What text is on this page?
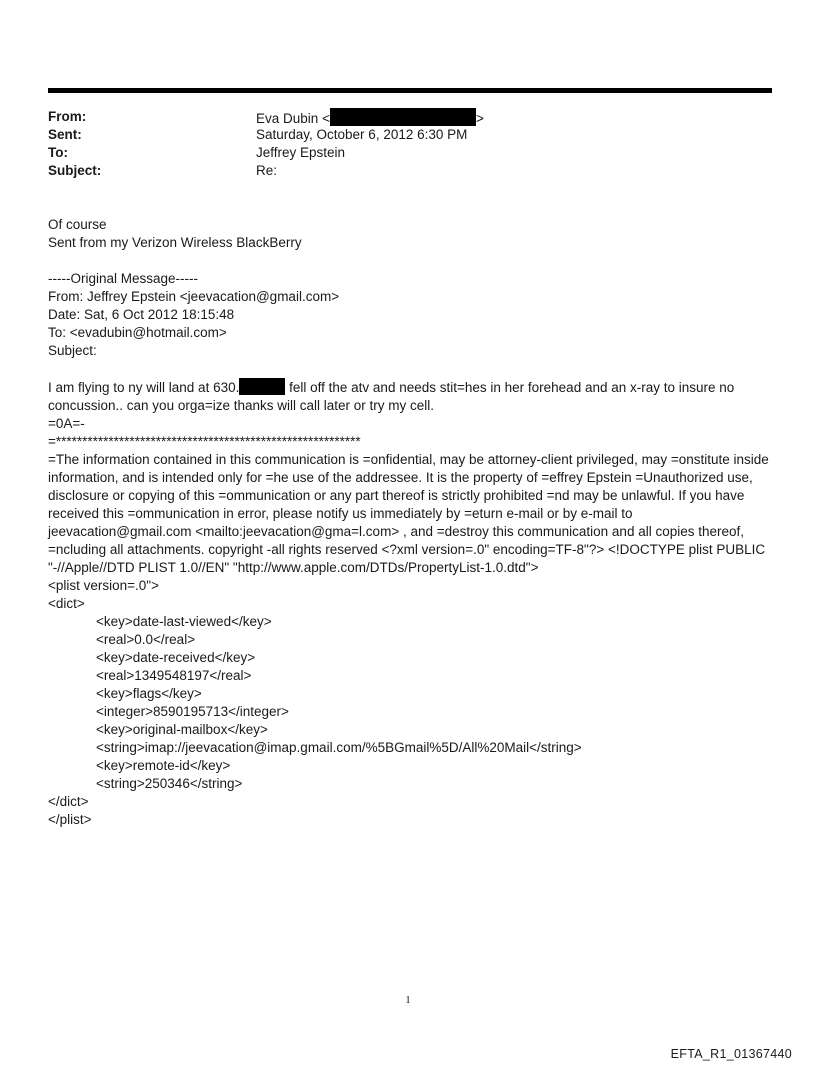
From:	Eva Dubin <	>
Sent:	Saturday, October 6, 2012 6:30 PM
To:	Jeffrey Epstein
Subject:	Re:
Of course
Sent from my Verizon Wireless BlackBerry
-----Original Message-----
From: Jeffrey Epstein <jeevacation@gmail.com>
Date: Sat, 6 Oct 2012 18:15:48
To: <evadubin@hotmail.com>
Subject:
I am flying to ny will land at 630.	fell off the atv and needs stit=hes in her forehead and an x-ray to insure no
concussion.. can you orga=ize thanks will call later or try my cell.
=0A=-
=**********************************************************
=The information contained in this communication is =onfidential, may be attorney-client privileged, may =onstitute inside information, and is intended only for =he use of the addressee. It is the property of =effrey Epstein =Unauthorized use, disclosure or copying of this =ommunication or any part thereof is strictly prohibited =nd may be unlawful. If you have received this =ommunication in error, please notify us immediately by =eturn e-mail or by e-mail to jeevacation@gmail.com <mailto:jeevacation@gma=l.com> , and =destroy this communication and all copies thereof, =ncluding all attachments. copyright -all rights reserved <?xml version=.0" encoding=TF-8"?> <!DOCTYPE plist PUBLIC "-//Apple//DTD PLIST 1.0//EN" "http://www.apple.com/DTDs/PropertyList-1.0.dtd">
<plist version=.0">
<dict>
<key>date-last-viewed</key>
<real>0.0</real>
<key>date-received</key>
<real>1349548197</real>
<key>flags</key>
<integer>8590195713</integer>
<key>original-mailbox</key>
<string>imap://jeevacation@imap.gmail.com/%5BGmail%5D/All%20Mail</string>
<key>remote-id</key>
<string>250346</string>
</dict>
</plist>
1
EFTA_R1_01367440
